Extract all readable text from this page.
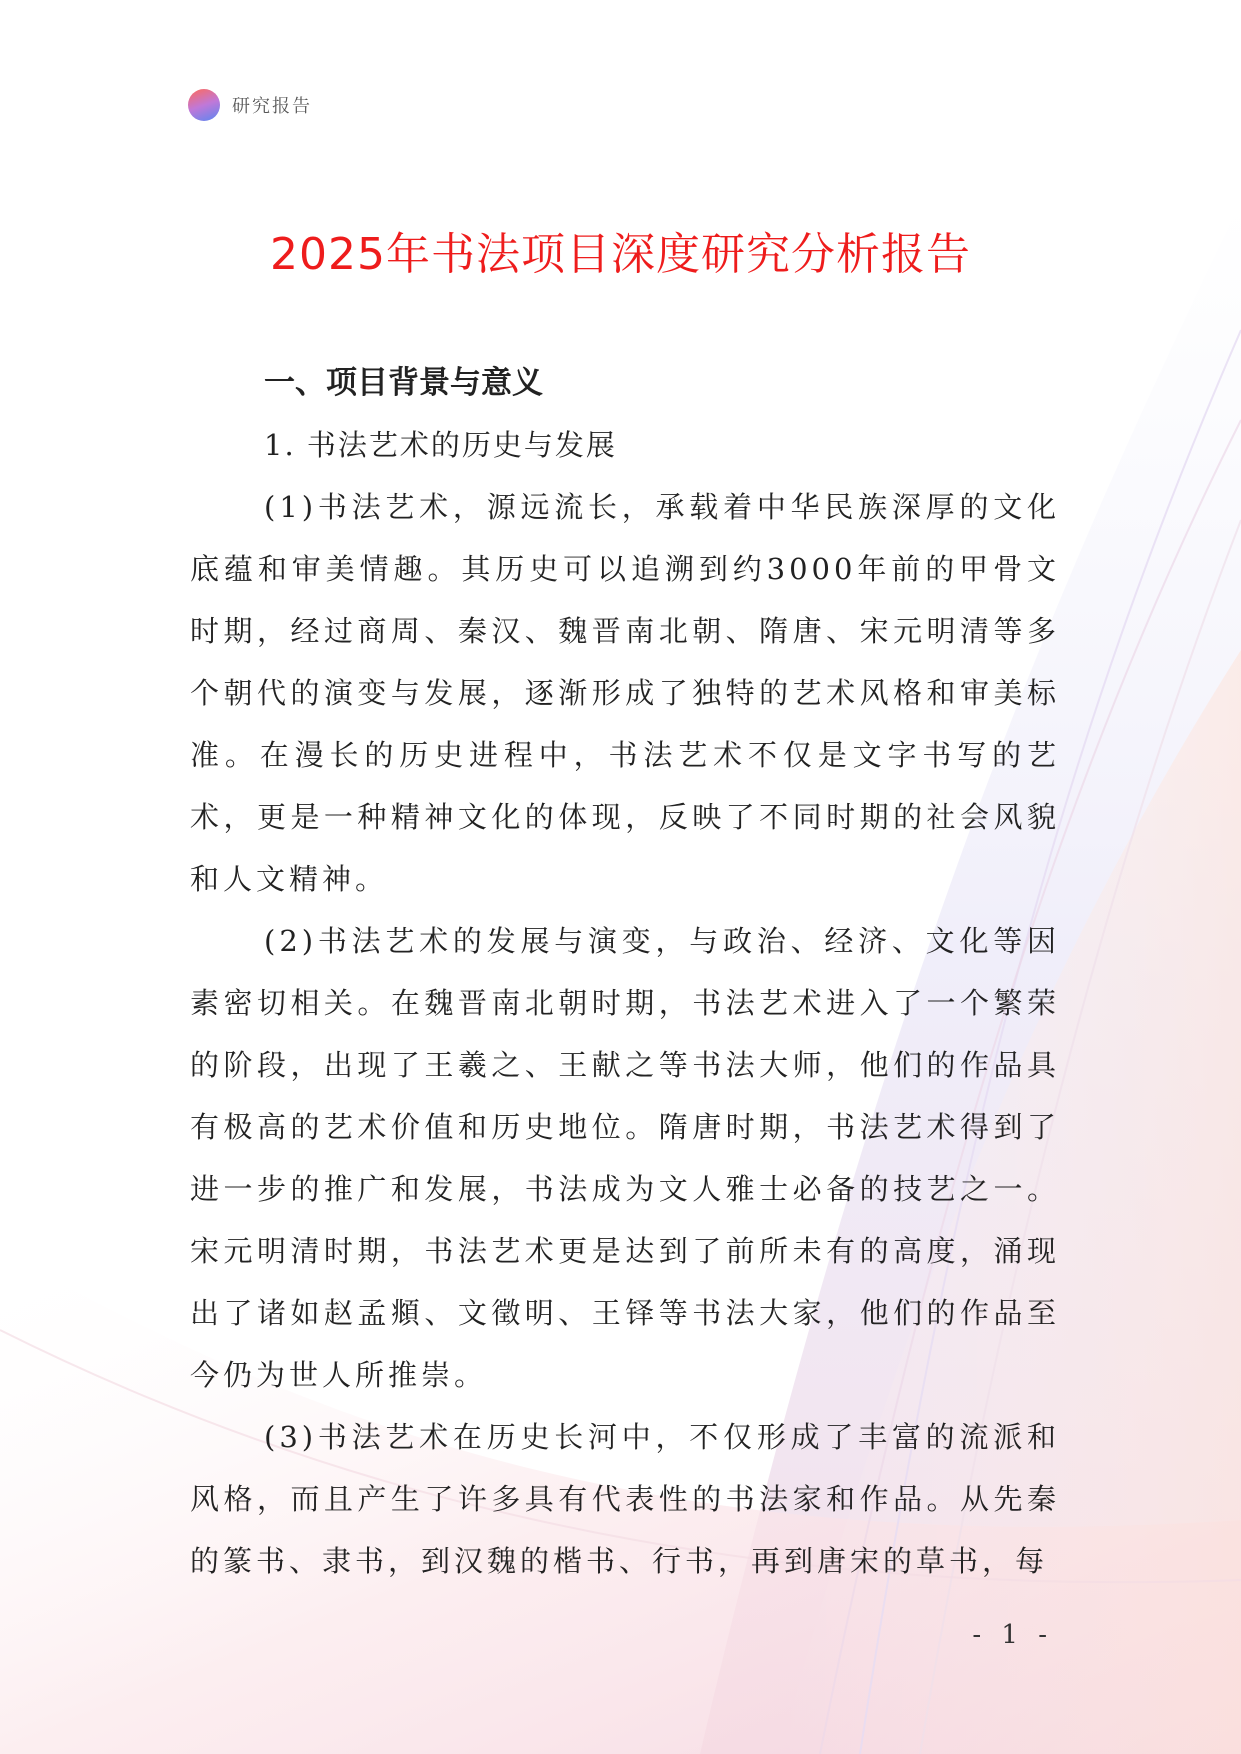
研究报告
2025年书法项目深度研究分析报告
一、项目背景与意义
1. 书法艺术的历史与发展

(1)书法艺术，源远流长，承载着中华民族深厚的文化底蕴和审美情趣。其历史可以追溯到约3000年前的甲骨文时期，经过商周、秦汉、魏晋南北朝、隋唐、宋元明清等多个朝代的演变与发展，逐渐形成了独特的艺术风格和审美标准。在漫长的历史进程中，书法艺术不仅是文字书写的艺术，更是一种精神文化的体现，反映了不同时期的社会风貌和人文精神。

(2)书法艺术的发展与演变，与政治、经济、文化等因素密切相关。在魏晋南北朝时期，书法艺术进入了一个繁荣的阶段，出现了王羲之、王献之等书法大师，他们的作品具有极高的艺术价值和历史地位。隋唐时期，书法艺术得到了进一步的推广和发展，书法成为文人雅士必备的技艺之一。宋元明清时期，书法艺术更是达到了前所未有的高度，涌现出了诸如赵孟頫、文徵明、王铎等书法大家，他们的作品至今仍为世人所推崇。

(3)书法艺术在历史长河中，不仅形成了丰富的流派和风格，而且产生了许多具有代表性的书法家和作品。从先秦的篆书、隶书，到汉魏的楷书、行书，再到唐宋的草书，每

- 1 -
